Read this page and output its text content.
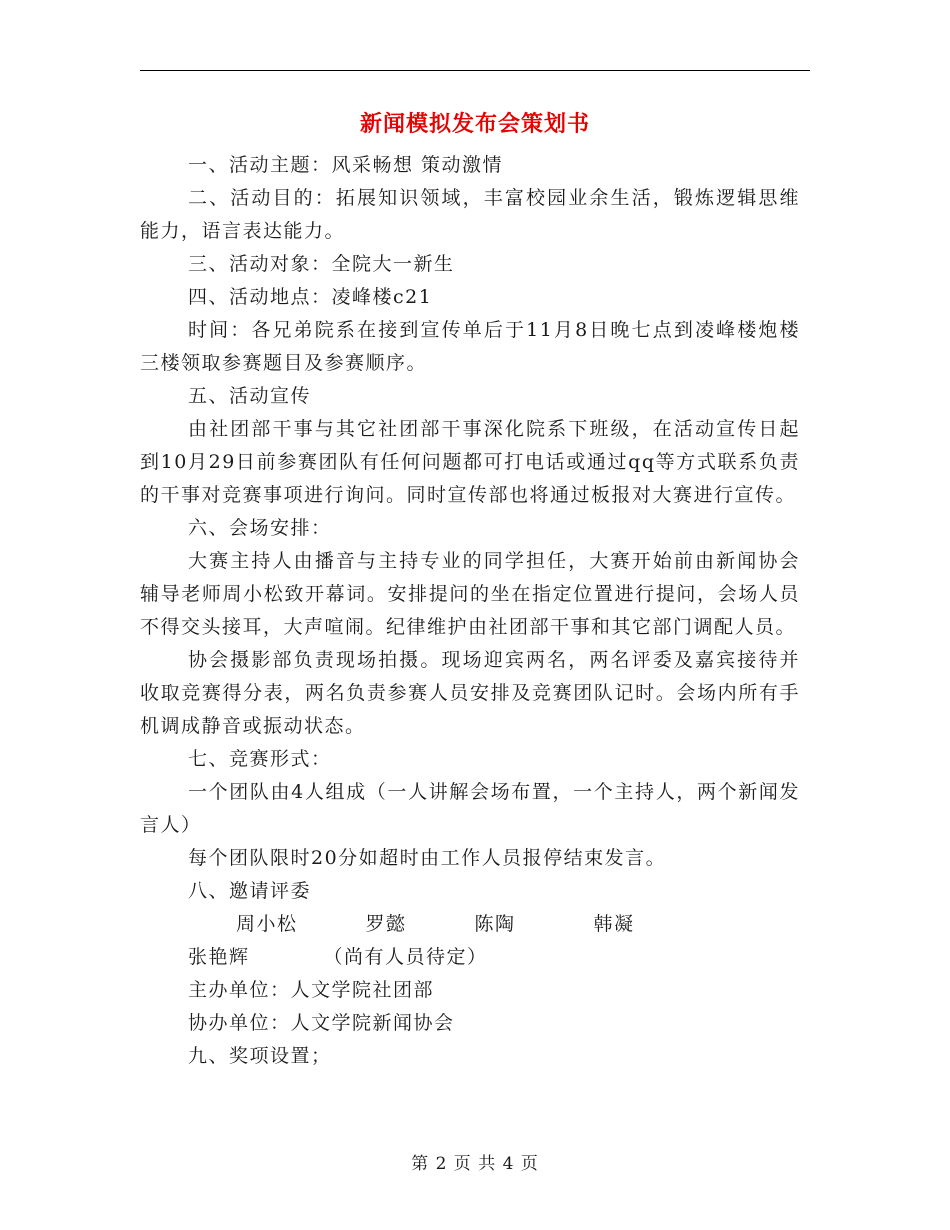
新闻模拟发布会策划书

一、活动主题：风采畅想 策动激情

二、活动目的：拓展知识领域，丰富校园业余生活，锻炼逻辑思维能力，语言表达能力。

三、活动对象：全院大一新生

四、活动地点：凌峰楼c21

时间：各兄弟院系在接到宣传单后于11月8日晚七点到凌峰楼炮楼三楼领取参赛题目及参赛顺序。

五、活动宣传

由社团部干事与其它社团部干事深化院系下班级，在活动宣传日起到10月29日前参赛团队有任何问题都可打电话或通过qq等方式联系负责的干事对竞赛事项进行询问。同时宣传部也将通过板报对大赛进行宣传。

六、会场安排：

大赛主持人由播音与主持专业的同学担任，大赛开始前由新闻协会辅导老师周小松致开幕词。安排提问的坐在指定位置进行提问，会场人员不得交头接耳，大声喧闹。纪律维护由社团部干事和其它部门调配人员。

协会摄影部负责现场拍摄。现场迎宾两名，两名评委及嘉宾接待并收取竞赛得分表，两名负责参赛人员安排及竞赛团队记时。会场内所有手机调成静音或振动状态。

七、竞赛形式：

一个团队由4人组成（一人讲解会场布置，一个主持人，两个新闻发言人）

每个团队限时20分如超时由工作人员报停结束发言。

八、邀请评委

周小松	罗懿	陈陶	韩凝张艳辉	（尚有人员待定）

主办单位：人文学院社团部

协办单位：人文学院新闻协会

九、奖项设置；

第 2 页 共 4 页
